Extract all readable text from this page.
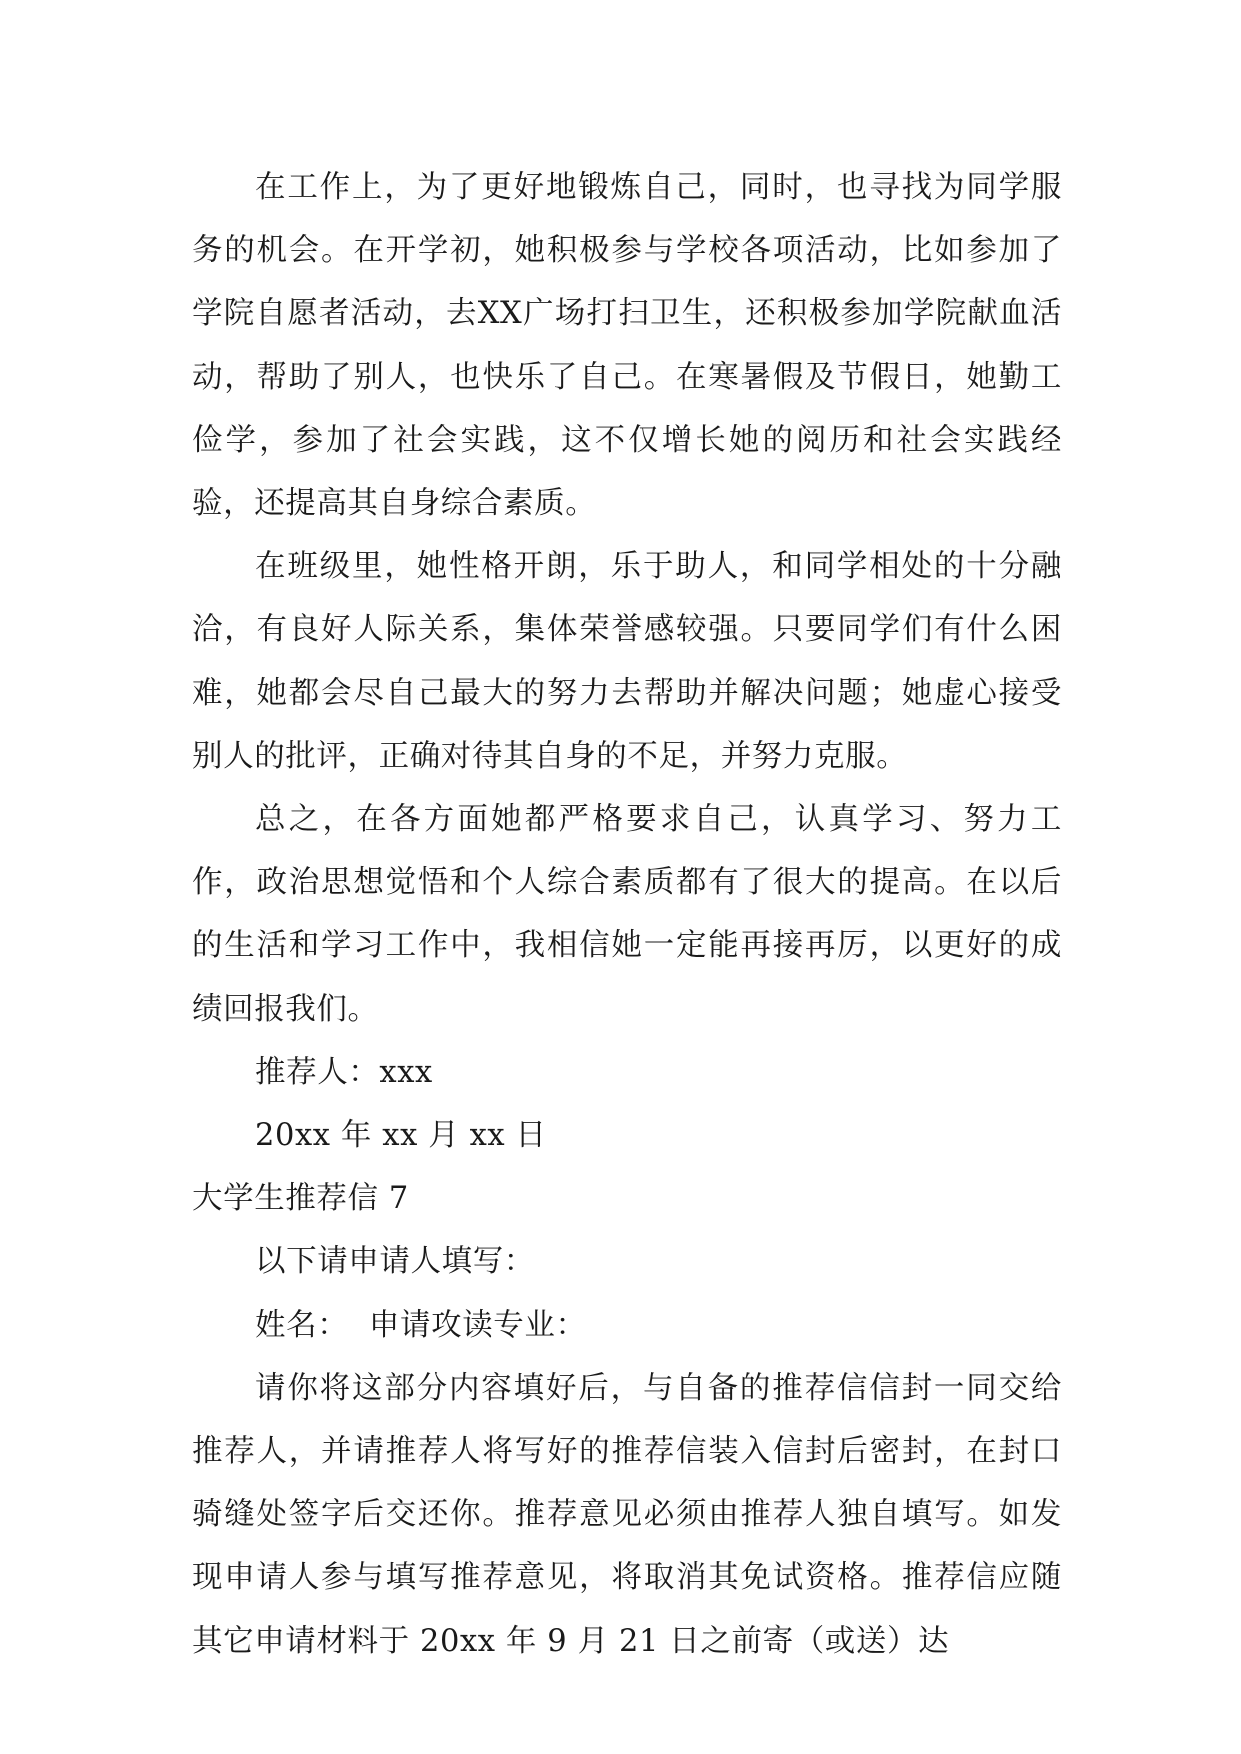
在工作上，为了更好地锻炼自己，同时，也寻找为同学服务的机会。在开学初，她积极参与学校各项活动，比如参加了学院自愿者活动，去XX广场打扫卫生，还积极参加学院献血活动，帮助了别人，也快乐了自己。在寒暑假及节假日，她勤工俭学，参加了社会实践，这不仅增长她的阅历和社会实践经验，还提高其自身综合素质。

在班级里，她性格开朗，乐于助人，和同学相处的十分融洽，有良好人际关系，集体荣誉感较强。只要同学们有什么困难，她都会尽自己最大的努力去帮助并解决问题；她虚心接受别人的批评，正确对待其自身的不足，并努力克服。

总之，在各方面她都严格要求自己，认真学习、努力工作，政治思想觉悟和个人综合素质都有了很大的提高。在以后的生活和学习工作中，我相信她一定能再接再厉，以更好的成绩回报我们。

推荐人：xxx

20xx 年 xx 月 xx 日

大学生推荐信 7

以下请申请人填写：

姓名：  申请攻读专业：

请你将这部分内容填好后，与自备的推荐信信封一同交给推荐人，并请推荐人将写好的推荐信装入信封后密封，在封口骑缝处签字后交还你。推荐意见必须由推荐人独自填写。如发现申请人参与填写推荐意见，将取消其免试资格。推荐信应随其它申请材料于 20xx 年 9 月 21 日之前寄（或送）达
